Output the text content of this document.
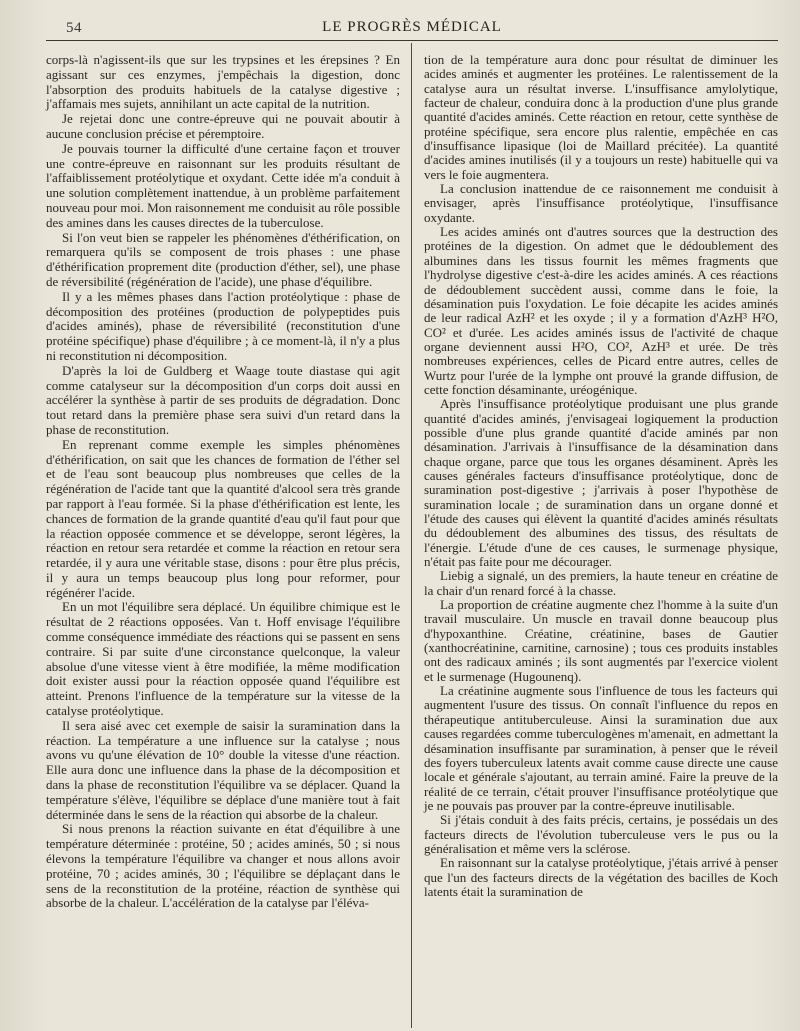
54	LE PROGRÈS MÉDICAL

corps-là n'agissent-ils que sur les trypsines et les érepsines ? En agissant sur ces enzymes, j'empêchais la digestion, donc l'absorption des produits habituels de la catalyse digestive ; j'affamais mes sujets, annihilant un acte capital de la nutrition.

Je rejetai donc une contre-épreuve qui ne pouvait aboutir à aucune conclusion précise et péremptoire.

Je pouvais tourner la difficulté d'une certaine façon et trouver une contre-épreuve en raisonnant sur les produits résultant de l'affaiblissement protéolytique et oxydant. Cette idée m'a conduit à une solution complètement inattendue, à un problème parfaitement nouveau pour moi. Mon raisonnement me conduisit au rôle possible des amines dans les causes directes de la tuberculose.

Si l'on veut bien se rappeler les phénomènes d'éthérification, on remarquera qu'ils se composent de trois phases : une phase d'éthérification proprement dite (production d'éther, sel), une phase de réversibilité (régénération de l'acide), une phase d'équilibre.

Il y a les mêmes phases dans l'action protéolytique : phase de décomposition des protéines (production de polypeptides puis d'acides aminés), phase de réversibilité (reconstitution d'une protéine spécifique) phase d'équilibre ; à ce moment-là, il n'y a plus ni reconstitution ni décomposition.

D'après la loi de Guldberg et Waage toute diastase qui agit comme catalyseur sur la décomposition d'un corps doit aussi en accélérer la synthèse à partir de ses produits de dégradation. Donc tout retard dans la première phase sera suivi d'un retard dans la phase de reconstitution.

En reprenant comme exemple les simples phénomènes d'éthérification, on sait que les chances de formation de l'éther sel et de l'eau sont beaucoup plus nombreuses que celles de la régénération de l'acide tant que la quantité d'alcool sera très grande par rapport à l'eau formée. Si la phase d'éthérification est lente, les chances de formation de la grande quantité d'eau qu'il faut pour que la réaction opposée commence et se développe, seront légères, la réaction en retour sera retardée et comme la réaction en retour sera retardée, il y aura une véritable stase, disons : pour être plus précis, il y aura un temps beaucoup plus long pour reformer, pour régénérer l'acide.

En un mot l'équilibre sera déplacé. Un équilibre chimique est le résultat de 2 réactions opposées. Van t. Hoff envisage l'équilibre comme conséquence immédiate des réactions qui se passent en sens contraire. Si par suite d'une circonstance quelconque, la valeur absolue d'une vitesse vient à être modifiée, la même modification doit exister aussi pour la réaction opposée quand l'équilibre est atteint. Prenons l'influence de la température sur la vitesse de la catalyse protéolytique.

Il sera aisé avec cet exemple de saisir la suramination dans la réaction. La température a une influence sur la catalyse ; nous avons vu qu'une élévation de 10° double la vitesse d'une réaction. Elle aura donc une influence dans la phase de la décomposition et dans la phase de reconstitution l'équilibre va se déplacer. Quand la température s'élève, l'équilibre se déplace d'une manière tout à fait déterminée dans le sens de la réaction qui absorbe de la chaleur.

Si nous prenons la réaction suivante en état d'équilibre à une température déterminée : protéine, 50 ; acides aminés, 50 ; si nous élevons la température l'équilibre va changer et nous allons avoir protéine, 70 ; acides aminés, 30 ; l'équilibre se déplaçant dans le sens de la reconstitution de la protéine, réaction de synthèse qui absorbe de la chaleur. L'accélération de la catalyse par l'éléva-

tion de la température aura donc pour résultat de diminuer les acides aminés et augmenter les protéines. Le ralentissement de la catalyse aura un résultat inverse. L'insuffisance amylolytique, facteur de chaleur, conduira donc à la production d'une plus grande quantité d'acides aminés. Cette réaction en retour, cette synthèse de protéine spécifique, sera encore plus ralentie, empêchée en cas d'insuffisance lipasique (loi de Maillard précitée). La quantité d'acides amines inutilisés (il y a toujours un reste) habituelle qui va vers le foie augmentera.

La conclusion inattendue de ce raisonnement me conduisit à envisager, après l'insuffisance protéolytique, l'insuffisance oxydante.

Les acides aminés ont d'autres sources que la destruction des protéines de la digestion. On admet que le dédoublement des albumines dans les tissus fournit les mêmes fragments que l'hydrolyse digestive c'est-à-dire les acides aminés. A ces réactions de dédoublement succèdent aussi, comme dans le foie, la désamination puis l'oxydation. Le foie décapite les acides aminés de leur radical AzH² et les oxyde ; il y a formation d'AzH³ H²O, CO² et d'urée. Les acides aminés issus de l'activité de chaque organe deviennent aussi H²O, CO², AzH³ et urée. De très nombreuses expériences, celles de Picard entre autres, celles de Wurtz pour l'urée de la lymphe ont prouvé la grande diffusion, de cette fonction désaminante, uréogénique.

Après l'insuffisance protéolytique produisant une plus grande quantité d'acides aminés, j'envisageai logiquement la production possible d'une plus grande quantité d'acide aminés par non désamination. J'arrivais à l'insuffisance de la désamination dans chaque organe, parce que tous les organes désaminent. Après les causes générales facteurs d'insuffisance protéolytique, donc de suramination post-digestive ; j'arrivais à poser l'hypothèse de suramination locale ; de suramination dans un organe donné et l'étude des causes qui élèvent la quantité d'acides aminés résultats du dédoublement des albumines des tissus, des résultats de l'énergie. L'étude d'une de ces causes, le surmenage physique, n'était pas faite pour me décourager.

Liebig a signalé, un des premiers, la haute teneur en créatine de la chair d'un renard forcé à la chasse.

La proportion de créatine augmente chez l'homme à la suite d'un travail musculaire. Un muscle en travail donne beaucoup plus d'hypoxanthine. Créatine, créatinine, bases de Gautier (xanthocréatinine, carnitine, carnosine) ; tous ces produits instables ont des radicaux aminés ; ils sont augmentés par l'exercice violent et le surmenage (Hugounenq).

La créatinine augmente sous l'influence de tous les facteurs qui augmentent l'usure des tissus. On connaît l'influence du repos en thérapeutique antituberculeuse. Ainsi la suramination due aux causes regardées comme tuberculogènes m'amenait, en admettant la désamination insuffisante par suramination, à penser que le réveil des foyers tuberculeux latents avait comme cause directe une cause locale et générale s'ajoutant, au terrain aminé. Faire la preuve de la réalité de ce terrain, c'était prouver l'insuffisance protéolytique que je ne pouvais pas prouver par la contre-épreuve inutilisable.

Si j'étais conduit à des faits précis, certains, je possédais un des facteurs directs de l'évolution tuberculeuse vers le pus ou la généralisation et même vers la sclérose.

En raisonnant sur la catalyse protéolytique, j'étais arrivé à penser que l'un des facteurs directs de la végétation des bacilles de Koch latents était la suramination de
